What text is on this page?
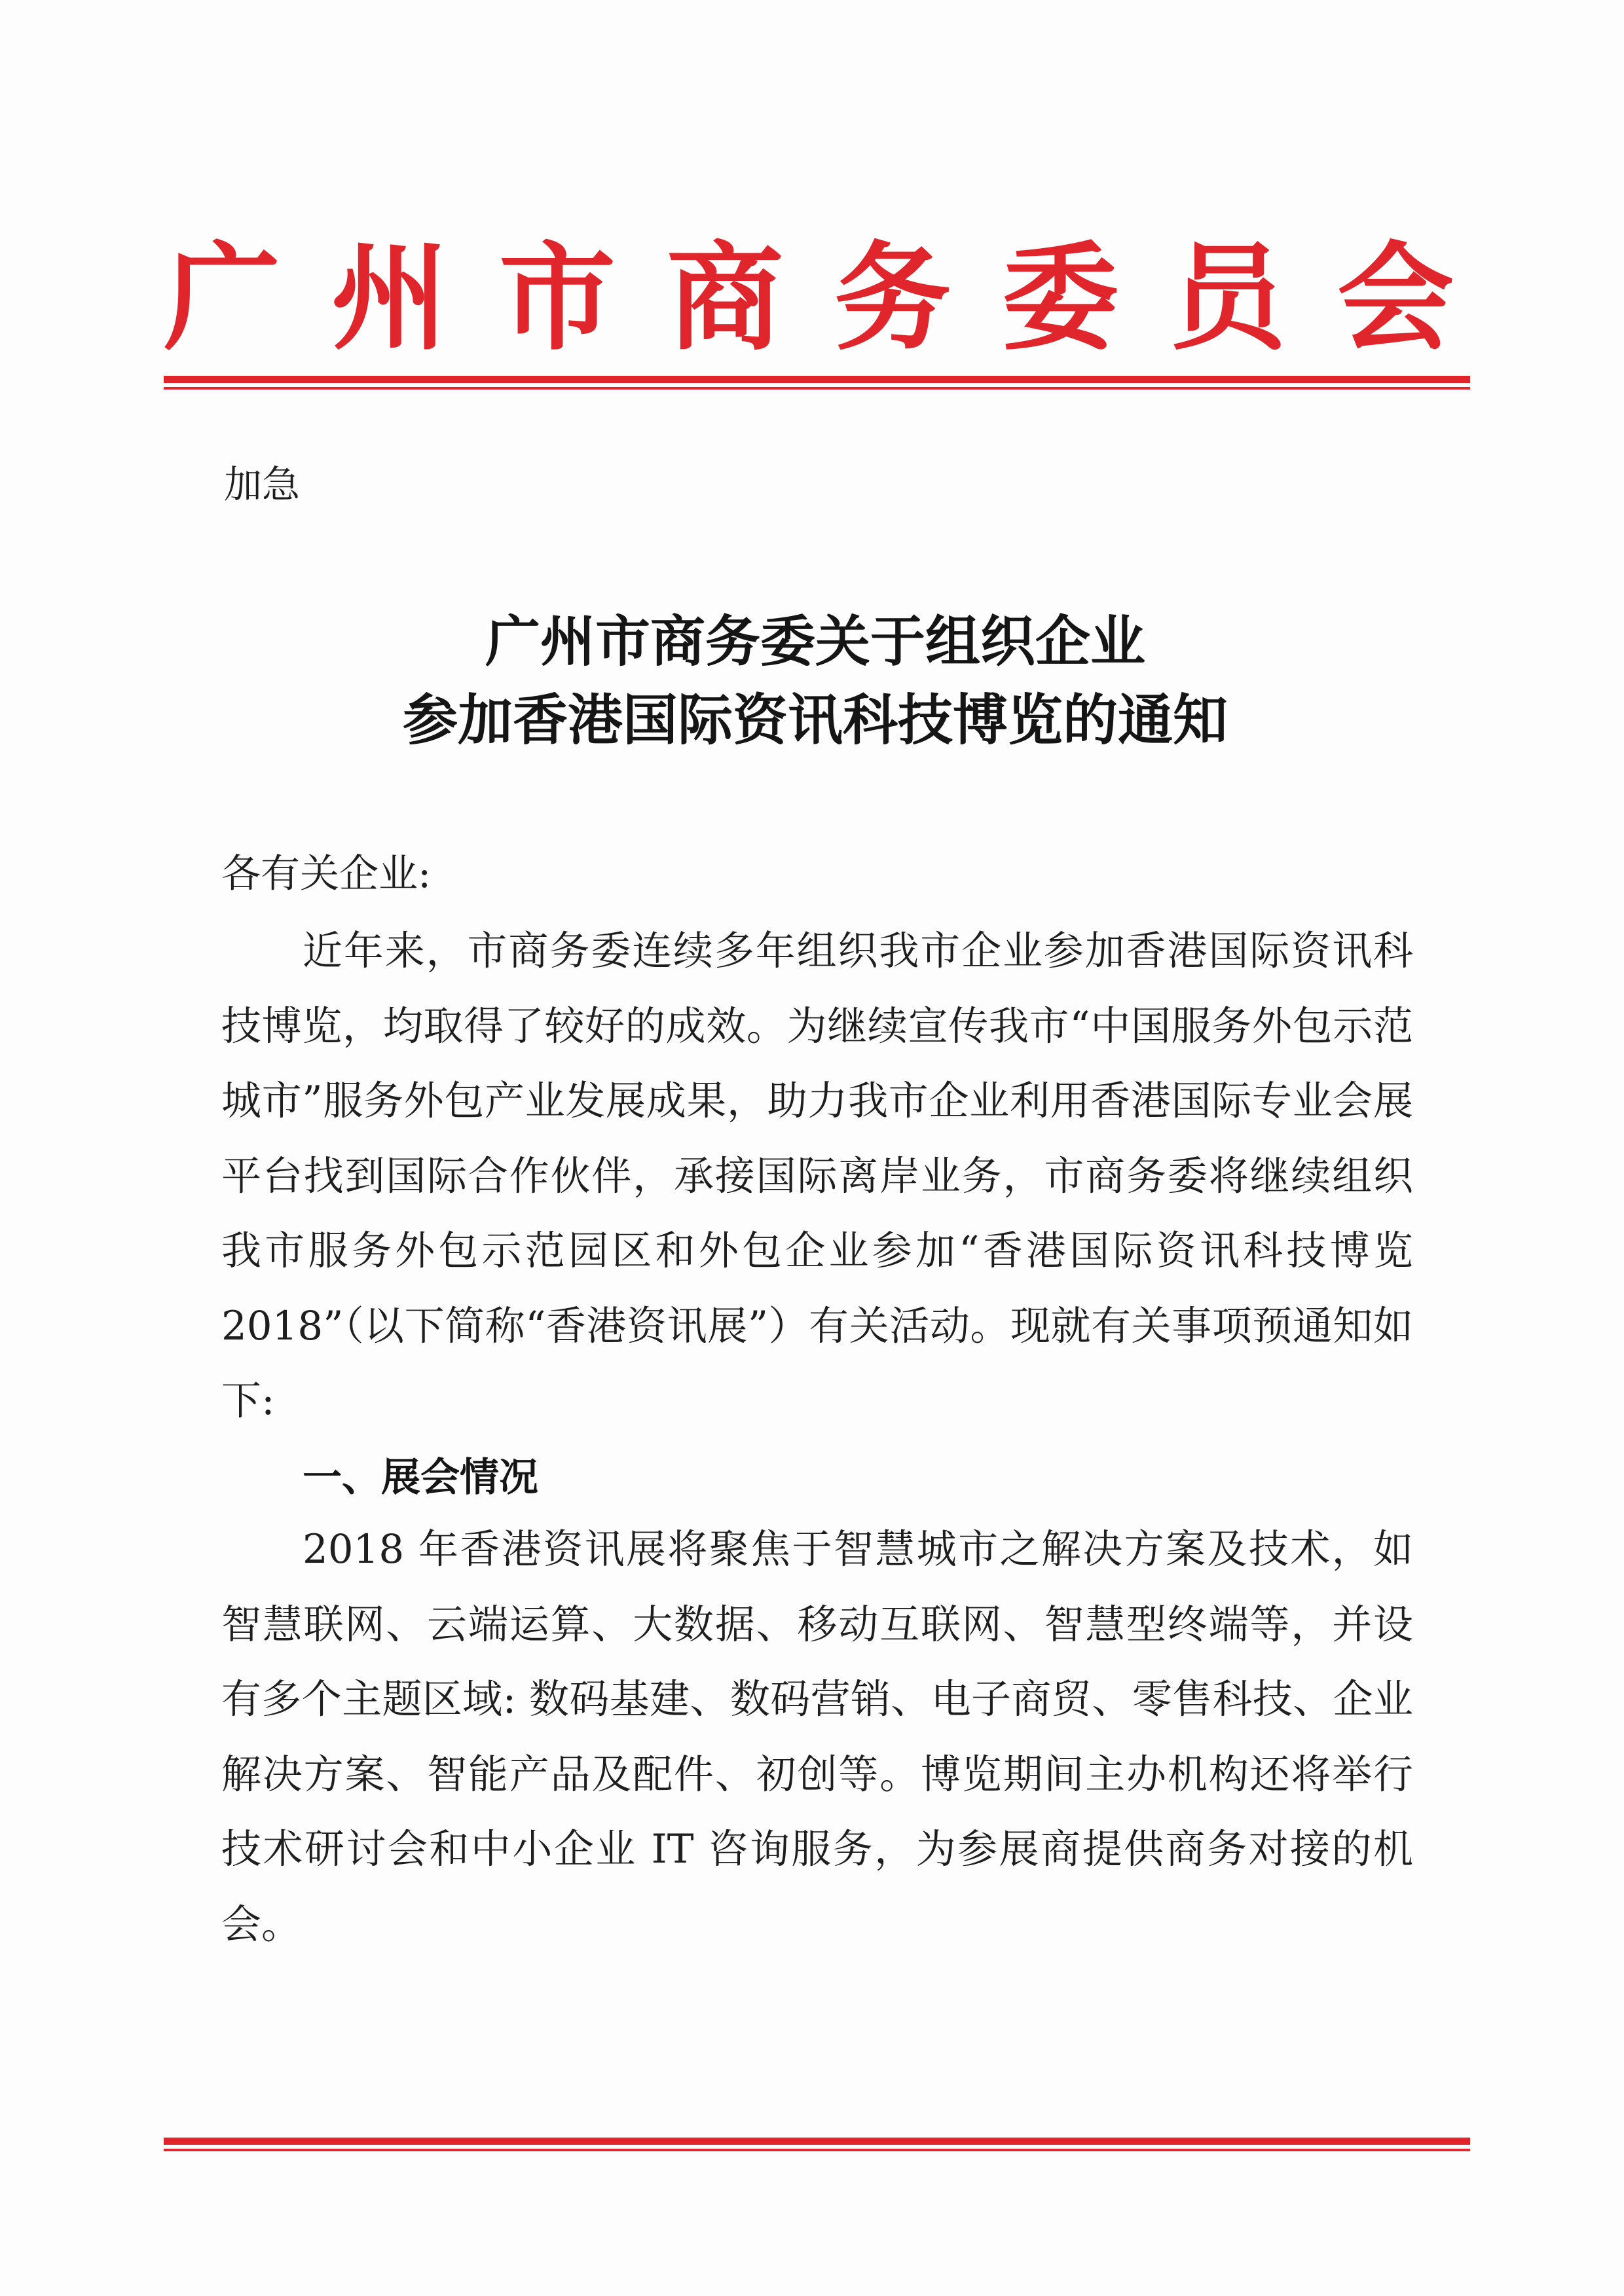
广州市商务委员会
加急
广州市商务委关于组织企业
参加香港国际资讯科技博览的通知
各有关企业:
近年来，市商务委连续多年组织我市企业参加香港国际资讯科技博览，均取得了较好的成效。为继续宣传我市“中国服务外包示范城市”服务外包产业发展成果，助力我市企业利用香港国际专业会展平台找到国际合作伙伴，承接国际离岸业务，市商务委将继续组织我市服务外包示范园区和外包企业参加“香港国际资讯科技博览 2018”（以下简称“香港资讯展”）有关活动。现就有关事项预通知如下:
一、展会情况
2018 年香港资讯展将聚焦于智慧城市之解决方案及技术，如智慧联网、云端运算、大数据、移动互联网、智慧型终端等，并设有多个主题区域: 数码基建、数码营销、电子商贸、零售科技、企业解决方案、智能产品及配件、初创等。博览期间主办机构还将举行技术研讨会和中小企业 IT 咨询服务，为参展商提供商务对接的机会。
